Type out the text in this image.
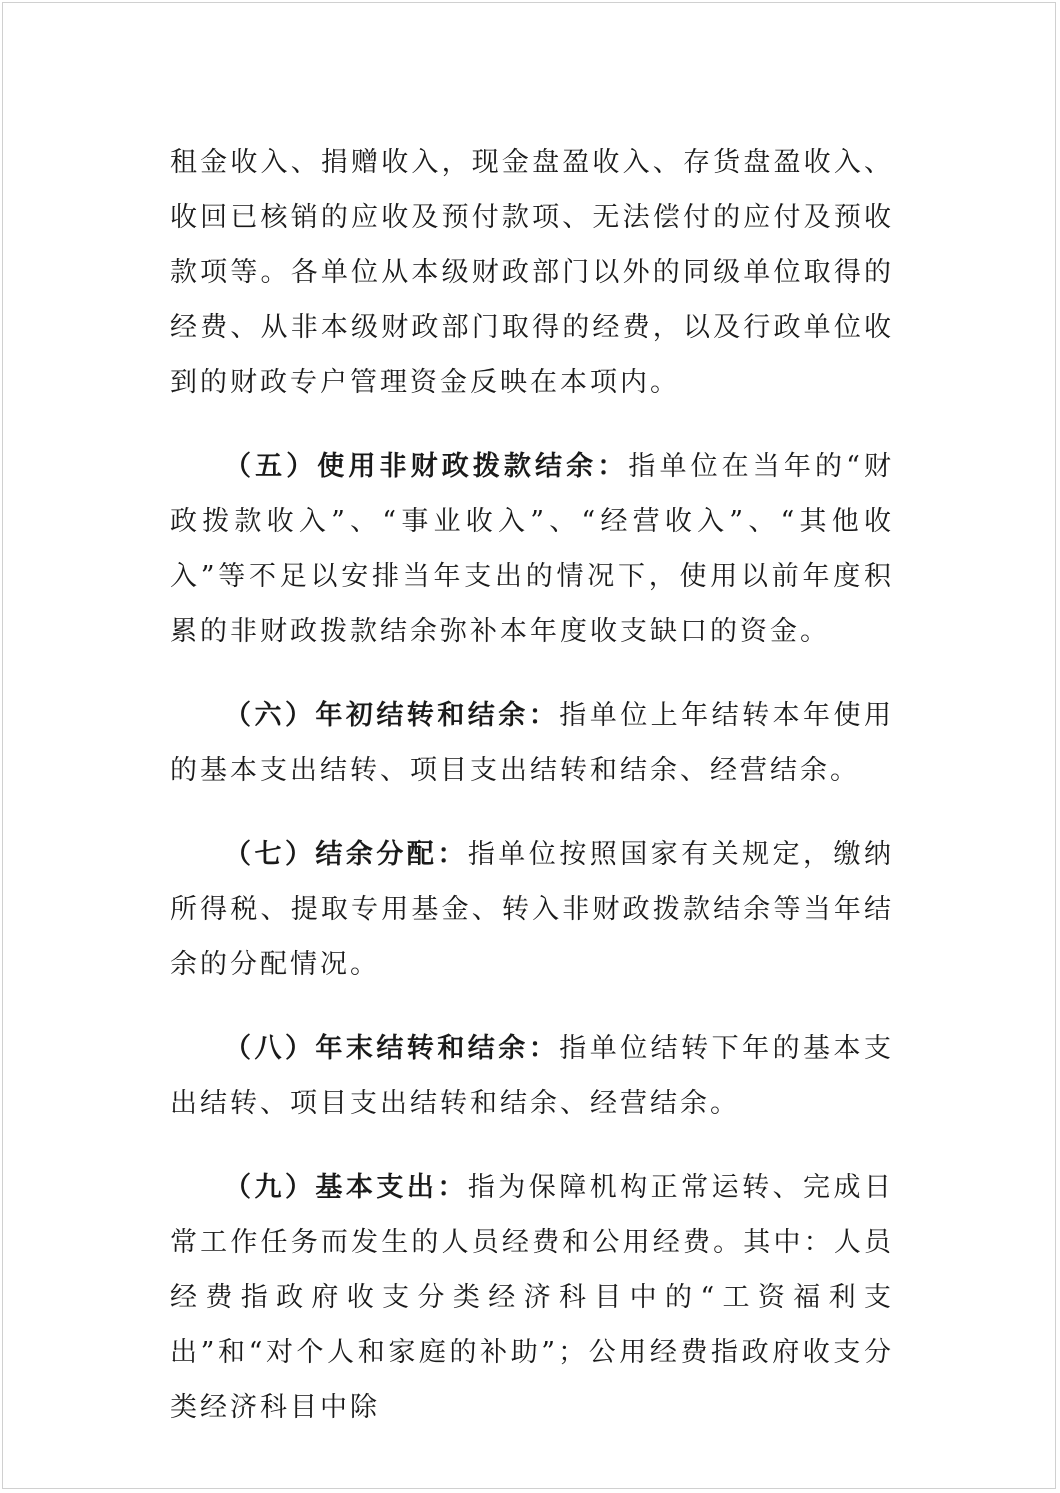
租金收入、捐赠收入，现金盘盈收入、存货盘盈收入、收回已核销的应收及预付款项、无法偿付的应付及预收款项等。各单位从本级财政部门以外的同级单位取得的经费、从非本级财政部门取得的经费，以及行政单位收到的财政专户管理资金反映在本项内。

（五）使用非财政拨款结余：指单位在当年的“财政拨款收入”、“事业收入”、“经营收入”、“其他收入”等不足以安排当年支出的情况下，使用以前年度积累的非财政拨款结余弥补本年度收支缺口的资金。

（六）年初结转和结余：指单位上年结转本年使用的基本支出结转、项目支出结转和结余、经营结余。

（七）结余分配：指单位按照国家有关规定，缴纳所得税、提取专用基金、转入非财政拨款结余等当年结余的分配情况。

（八）年末结转和结余：指单位结转下年的基本支出结转、项目支出结转和结余、经营结余。

（九）基本支出：指为保障机构正常运转、完成日常工作任务而发生的人员经费和公用经费。其中：人员经费指政府收支分类经济科目中的“工资福利支出”和“对个人和家庭的补助”；公用经费指政府收支分类经济科目中除
